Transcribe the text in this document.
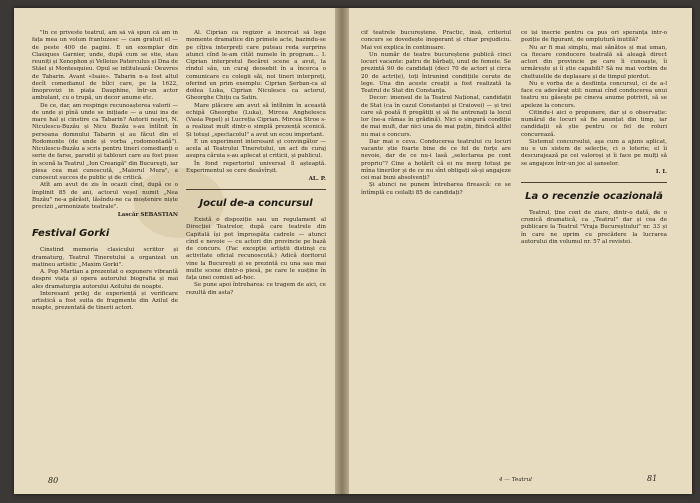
"In ce priveste teatrul, am să vă spun că am în fața mea un volum frantuzesc — cam gratuit el — de peste 400 de pagini. E un exemplar din Clasiques Garnier, unde, după cum se stie, stau reuniți și Xenophon și Velleius Paterculus și Dna de Stäel și Montesquieu. Opul se intitulează: Oeuvres de Tabarin. Avant «Isaie». Tabarin n-a fost altul decît comedianul de bîlci care, pe la 1622, îmoprovizi in piața Dauphine, într-un actor ambulant, cu o trupă, un decor anume etc.

De ce, dar, am respinge recunoașterea valorii — de unde și pînă unde se inițiade — a unui ins de mare hal și cinstire ca Tabarin? Autorii noștri, N. Niculescu-Buzău și Nicu Buzău s-au întîlnit în persoana domnului Tabarin și au făcut din el Rodomonte (de unde și vorba „rodomontadă"). Niculescu-Buzău a scris pentru tineri comedianți o serie de farse, parodii și tablouri care au fost puse în scenă la Teatrul „Ion Creangă" din Bucureşti, iar piesa cea mai cunoscută, „Maiorul Mura", a cunoscut succes de public și de critică.

Atît am avut de zis în ocazii cînd, după ce o împlinit 85 de ani, actorul veșel numit „Nea Buzău" ne-a părăsit, lăsîndu-ne ca moștenire niște precizii „armonizate teatrale".

Lascăr SEBASTIAN
Festival Gorki

Cinstind memoria clasicului scriitor și dramaturg, Teatrul Tineretului a organizat un matineu artistic „Maxim Gorki".

A. Pop Martian a prezentat o expunere vibrantă despre viața și opera autorului biografia și mai ales dramaturgia autorului Azilului de noapte.

Interesant prilej de experiență și verificare artistică a fost suita de fragmente din Azilul de noapte, prezentată de tinerii actori.

Al. Ciprian ca regizor a încercat să lege momente dramatice din primele acte, bazindu-se pe cîțiva interpreți care puteau reda surprins atunci cînd le-am cităt numele în program... I. Ciprian interpretul fiecărei scene a avut, la rîndul său, un curaj deosebit în a încerca o comunicare cu colegii săi, noi tineri interpreți, oferind un prim exemplu: Ciprian Șerban-ca al doilea Luka, Ciprian Niculescu ca actorul, Gheorghe Chițu ca Satin.

Mare plăcere am avut să întîlnim în această echipă Gheorghe (Luka), Mircea Anghelescu (Vasia Pepel) și Lucreția Ciprian. Mircea Stroe s-a realizat mult dintr-o simplă prezență scenică. Și totuși „spectacolul" a avut un ecou important.

E un experiment interesant și convingător — acela al Teatrului Tineretului, un act de curaj asupra căruia s-au aplecat și criticii, și publicul.

În fond repertoriul universal îl așteaptă. Experimentul se cere desăvîrșit.

AL. P.
Jocul de-a concursul

Există o dispoziție sau un regulament al Direcției Teatrelor, după care teatrele din Capitală își pot împrospăta cadrele — atunci cînd e nevoie — cu actori din provincie pe bază de concurs. (Fac excepție artiștii distinși cu activitate oficial recunoscută.) Adică doritorul vine la București și se prezintă cu una sau mai multe scene dintr-o piesă, pe care le susține în fața unei comisii ad-hoc.

Se pune apoi întrebarea: ce tragem de aici, ce rezultă din asta?

80

cif teatrele bucureștene. Practic, însă, criteriul concurs se dovedește inoperant și chiar prejudiciu. Mai voi explica în continuare.

Un număr de teatre bucureștene publică cinci locuri vacante: patru de bărbați, unul de femeie. Se prezintă 90 de candidați (deci 70 de actori și circa 20 de actrițe), toți întrunind condițiile cerute de lege. Una din aceste creații a fost realizată la Teatrul de Stat din Constanța.

Decor: imensul de la Teatrul Național, candidații de Stat (ca în cazul Constanței și Craiovei) — și trei care să poată fi pregătiți și să fie antrenați la locul lor (ne-a rămas în grădină). Nici o singură condiție de mai mult, dar nici una de mai puțin, fiindcă altfel nu mai e concurs.

Dar mai e ceva. Conducerea teatrului cu locuri vacante știe foarte bine de ce fel de forțe are nevoie, dar de ce nu-i lasă „selectarea pe cont propriu"? Cine a hotărît că ei nu merg totuși pe mîna tinerilor și de ce nu sînt obligați să-și angajeze cei mai buni absolvenți?

Și atunci ne punem întrebarea firească: ce se întîmplă cu ceilalți 85 de candidați?

ce își înscrie pentru ca pus ori speranța într-o poziție de figurant, de umplutură inutilă?

Nu ar fi mai simplu, mai sănătos și mai uman, ca fiecare conducere teatrală să aleagă direct actori din provincie pe care îi cunoaște, îi urmărește și îi știe capabili? Să nu mai vorbim de cheltuielile de deplasare și de timpul pierdut.

Nu e vorba de a desființa concursul, ci de a-l face cu adevărat util: numai cînd conducerea unui teatru nu găsește pe cineva anume potrivit, să se apeleze la concurs.

Citindu-i aici o propunere, dar și o observație: numărul de locuri să fie anunțat din timp, iar candidații să știe pentru ce fel de roluri concurează.

Sistemul concursului, aşa cum a ajuns aplicat, nu e un sistem de selecție, ci o loterie; el îi descurajează pe cei valoroși și îi face pe mulți să se angajeze într-un joc al șanselor.

I. I.
La o recenzie ocazională

Teatrul, ține cont de ziare, dintr-o dată, de o cronică dramatică, ca „Teatrul" dar și cea de publicare la Teatrul "Vraja Bucureștiului" nr. 33 și în care ne oprim cu precădere la lucrarea autorului din volumul nr. 57 al revistei.

4 — Teatrul	81
